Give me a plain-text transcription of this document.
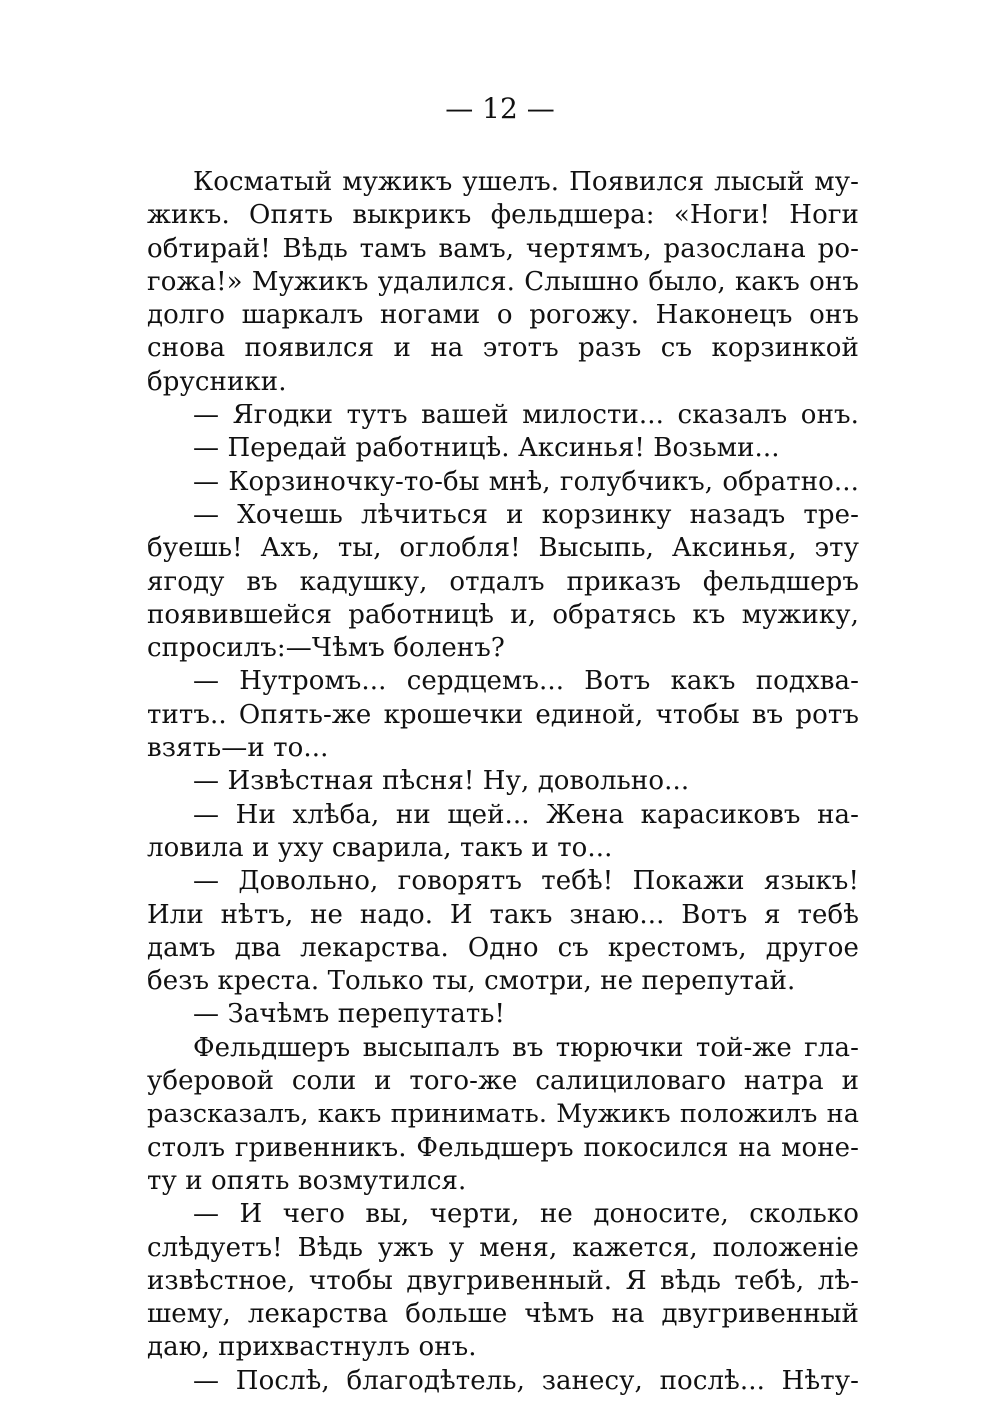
— 12 —
Косматый мужикъ ушелъ. Появился лысый му-
жикъ. Опять выкрикъ фельдшера: «Ноги! Ноги
обтирай! Вѣдь тамъ вамъ, чертямъ, разослана ро-
гожа!» Мужикъ удалился. Слышно было, какъ онъ
долго шаркалъ ногами о рогожу. Наконецъ онъ
снова появился и на этотъ разъ съ корзинкой
брусники.
— Ягодки тутъ вашей милости... сказалъ онъ.
— Передай работницѣ. Аксинья! Возьми...
— Корзиночку-то-бы мнѣ, голубчикъ, обратно...
— Хочешь лѣчиться и корзинку назадъ тре-
буешь! Ахъ, ты, оглобля! Высыпь, Аксинья, эту
ягоду въ кадушку, отдалъ приказъ фельдшеръ
появившейся работницѣ и, обратясь къ мужику,
спросилъ:—Чѣмъ боленъ?
— Нутромъ... сердцемъ... Вотъ какъ подхва-
титъ.. Опять-же крошечки единой, чтобы въ ротъ
взять—и то...
— Извѣстная пѣсня! Ну, довольно...
— Ни хлѣба, ни щей... Жена карасиковъ на-
ловила и уху сварила, такъ и то...
— Довольно, говорятъ тебѣ! Покажи языкъ!
Или нѣтъ, не надо. И такъ знаю... Вотъ я тебѣ
дамъ два лекарства. Одно съ крестомъ, другое
безъ креста. Только ты, смотри, не перепутай.
— Зачѣмъ перепутать!
Фельдшеръ высыпалъ въ тюрючки той-же гла-
уберовой соли и того-же салициловаго натра и
разсказалъ, какъ принимать. Мужикъ положилъ на
столъ гривенникъ. Фельдшеръ покосился на моне-
ту и опять возмутился.
— И чего вы, черти, не доносите, сколько
слѣдуетъ! Вѣдь ужъ у меня, кажется, положеніе
извѣстное, чтобы двугривенный. Я вѣдь тебѣ, лѣ-
шему, лекарства больше чѣмъ на двугривенный
даю, прихвастнулъ онъ.
— Послѣ, благодѣтель, занесу, послѣ... Нѣту-
